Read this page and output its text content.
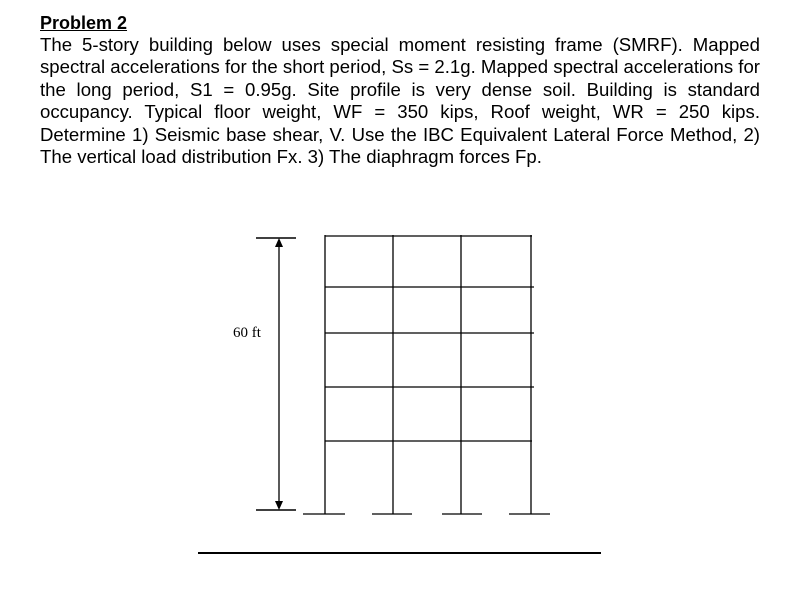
Problem 2

The 5-story building below uses special moment resisting frame (SMRF). Mapped spectral accelerations for the short period, Ss = 2.1g. Mapped spectral accelerations for the long period, S1 = 0.95g. Site profile is very dense soil. Building is standard occupancy. Typical floor weight, WF = 350 kips, Roof weight, WR = 250 kips. Determine 1) Seismic base shear, V. Use the IBC Equivalent Lateral Force Method, 2) The vertical load distribution Fx. 3) The diaphragm forces Fp.

60 ft
